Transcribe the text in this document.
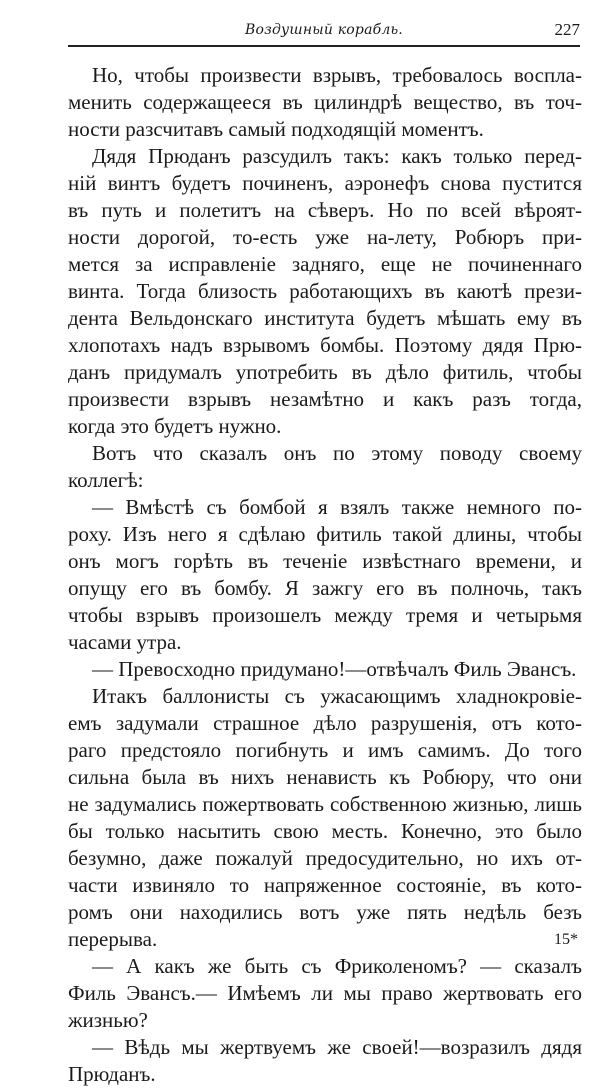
Воздушный корабль.	227
Но, чтобы произвести взрывъ, требовалось воспла-
менить содержащееся въ цилиндрѣ вещество, въ точ-
ности разсчитавъ самый подходящій моментъ.
Дядя Прюданъ разсудилъ такъ: какъ только перед-
ній винтъ будетъ починенъ, аэронефъ снова пустится
въ путь и полетитъ на сѣверъ. Но по всей вѣроят-
ности дорогой, то-есть уже на-лету, Робюръ при-
мется за исправленіе задняго, еще не починеннаго
винта. Тогда близость работающихъ въ каютѣ прези-
дента Вельдонскаго института будетъ мѣшать ему въ
хлопотахъ надъ взрывомъ бомбы. Поэтому дядя Прю-
данъ придумалъ употребить въ дѣло фитиль, чтобы
произвести взрывъ незамѣтно и какъ разъ тогда,
когда это будетъ нужно.
Вотъ что сказалъ онъ по этому поводу своему
коллегѣ:
— Вмѣстѣ съ бомбой я взялъ также немного по-
роху. Изъ него я сдѣлаю фитиль такой длины, чтобы
онъ могъ горѣть въ теченіе извѣстнаго времени, и
опущу его въ бомбу. Я зажгу его въ полночь, такъ
чтобы взрывъ произошелъ между тремя и четырьмя
часами утра.
— Превосходно придумано!—отвѣчалъ Филь Эвансъ.
Итакъ баллонисты съ ужасающимъ хладнокровіе-
емъ задумали страшное дѣло разрушенія, отъ кото-
раго предстояло погибнуть и имъ самимъ. До того
сильна была въ нихъ ненависть къ Робюру, что они
не задумались пожертвовать собственною жизнью, лишь
бы только насытить свою месть. Конечно, это было
безумно, даже пожалуй предосудительно, но ихъ от-
части извиняло то напряженное состояніе, въ кото-
ромъ они находились вотъ уже пять недѣль безъ
перерыва.
— А какъ же быть съ Фриколеномъ? — сказалъ
Филь Эвансъ.— Имѣемъ ли мы право жертвовать его
жизнью?
— Вѣдь мы жертвуемъ же своей!—возразилъ дядя
Прюданъ.
15*
